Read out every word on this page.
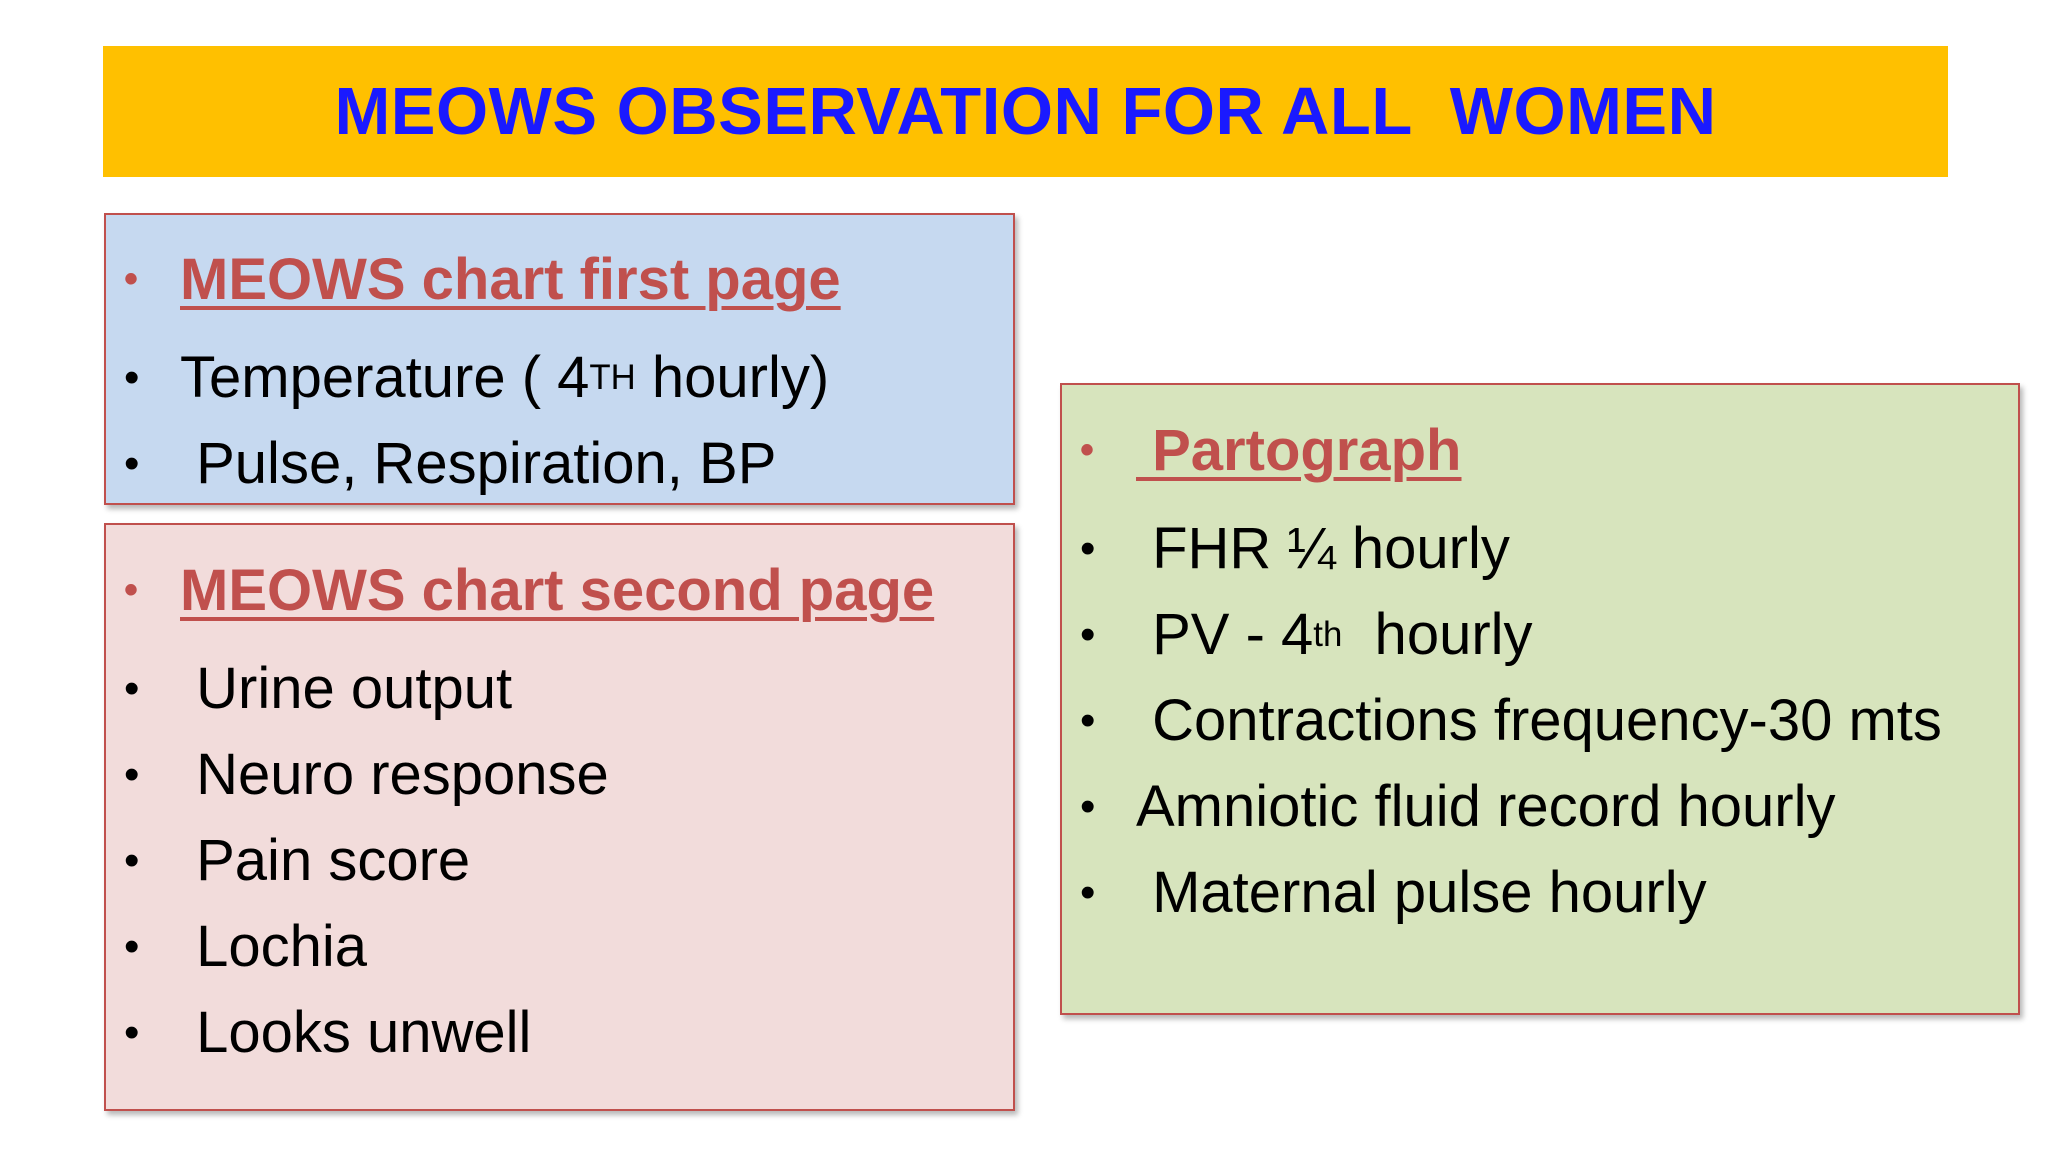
MEOWS OBSERVATION FOR ALL  WOMEN
• MEOWS chart first page
• Temperature ( 4 TH hourly)
• Pulse, Respiration, BP
• MEOWS chart second page
• Urine output
• Neuro response
• Pain score
• Lochia
• Looks unwell
• Partograph
• FHR ¼ hourly
• PV - 4 th hourly
• Contractions frequency-30 mts
• Amniotic fluid record hourly
• Maternal pulse hourly
